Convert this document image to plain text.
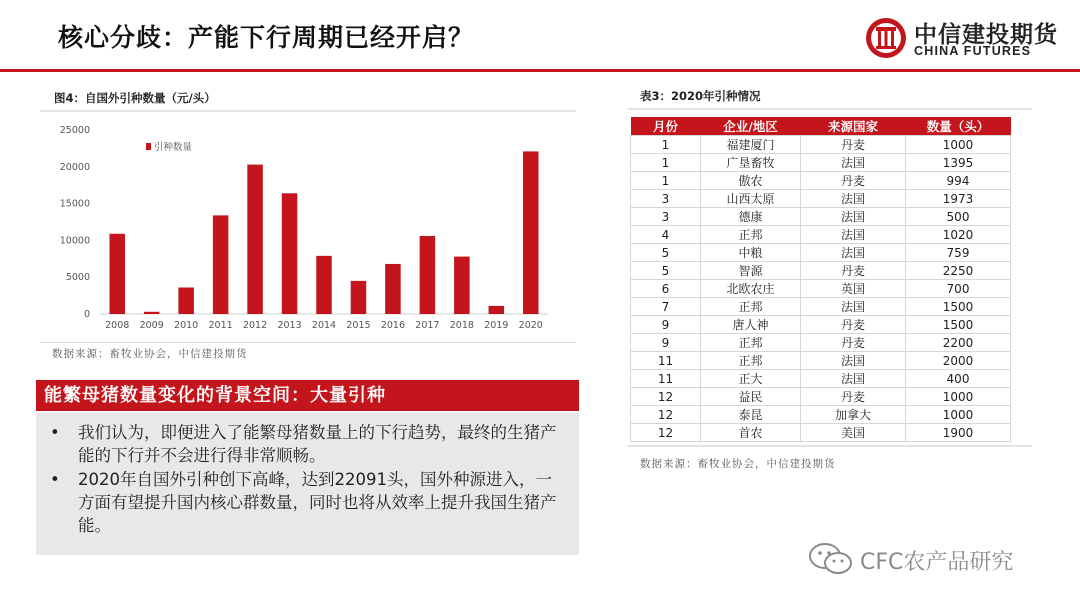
核心分歧：产能下行周期已经开启？	中信建投期货
CHINA FUTURES
图4：自国外引种数量（元/头）
0
5000
10000
15000
20000
25000
2008 2009 2010 2011 2012 2013 2014 2015 2016 2017 2018 2019 2020
引种数量
数据来源：畜牧业协会，中信建投期货
表3：2020年引种情况
月份	企业/地区	来源国家	数量（头）
1	福建厦门	丹麦	1000
1	广垦畜牧	法国	1395
1	傲农	丹麦	994
3	山西太原	法国	1973
3	德康	法国	500
4	正邦	法国	1020
5	中粮	法国	759
5	智源	丹麦	2250
6	北欧农庄	英国	700
7	正邦	法国	1500
9	唐人神	丹麦	1500
9	正邦	丹麦	2200
11	正邦	法国	2000
11	正大	法国	400
12	益民	丹麦	1000
12	泰昆	加拿大	1000
12	首农	美国	1900
数据来源：畜牧业协会，中信建投期货
能繁母猪数量变化的背景空间：大量引种
• 我们认为，即便进入了能繁母猪数量上的下行趋势，最终的生猪产能的下行并不会进行得非常顺畅。
• 2020年自国外引种创下高峰，达到22091头，国外种源进入，一方面有望提升国内核心群数量，同时也将从效率上提升我国生猪产能。
CFC农产品研究
